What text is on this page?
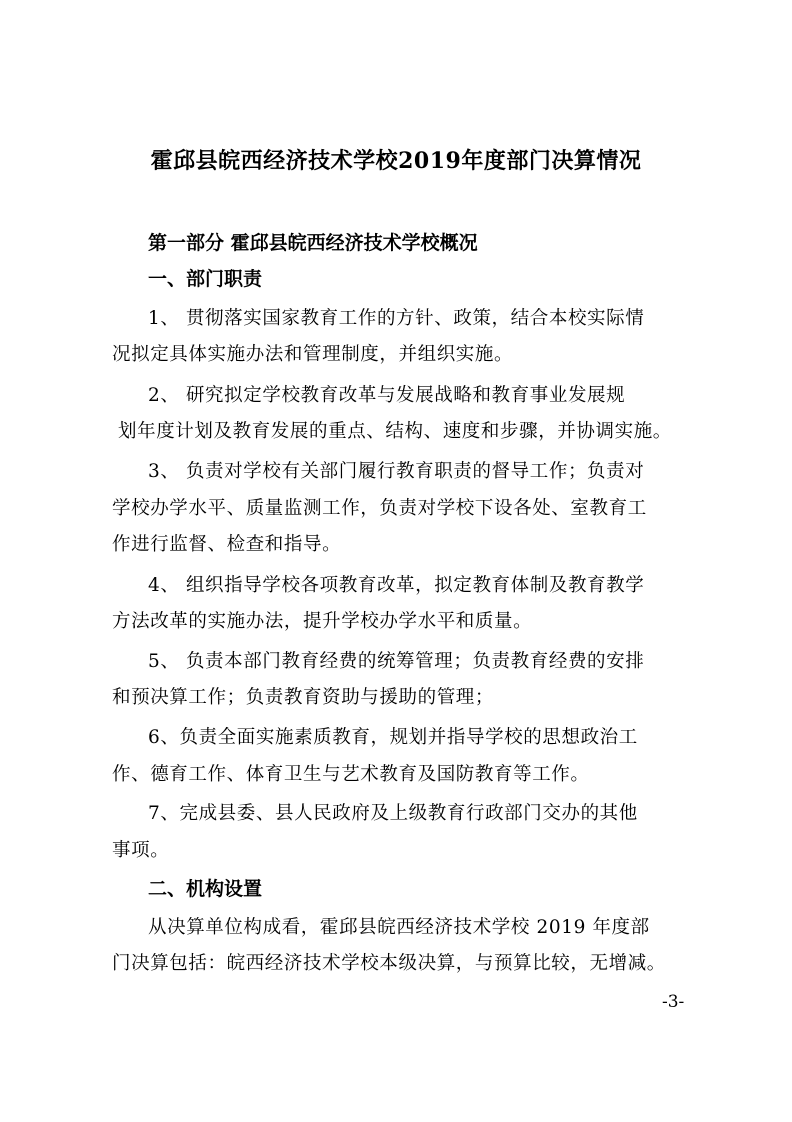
霍邱县皖西经济技术学校2019年度部门决算情况
第一部分 霍邱县皖西经济技术学校概况
一、部门职责
1、 贯彻落实国家教育工作的方针、政策，结合本校实际情
况拟定具体实施办法和管理制度，并组织实施。
2、 研究拟定学校教育改革与发展战略和教育事业发展规
划年度计划及教育发展的重点、结构、速度和步骤，并协调实施。
3、 负责对学校有关部门履行教育职责的督导工作；负责对
学校办学水平、质量监测工作，负责对学校下设各处、室教育工
作进行监督、检查和指导。
4、 组织指导学校各项教育改革，拟定教育体制及教育教学
方法改革的实施办法，提升学校办学水平和质量。
5、 负责本部门教育经费的统筹管理；负责教育经费的安排
和预决算工作；负责教育资助与援助的管理；
6、负责全面实施素质教育，规划并指导学校的思想政治工
作、德育工作、体育卫生与艺术教育及国防教育等工作。
7、完成县委、县人民政府及上级教育行政部门交办的其他
事项。
二、机构设置
从决算单位构成看，霍邱县皖西经济技术学校 2019 年度部
门决算包括：皖西经济技术学校本级决算，与预算比较，无增减。
-3-
